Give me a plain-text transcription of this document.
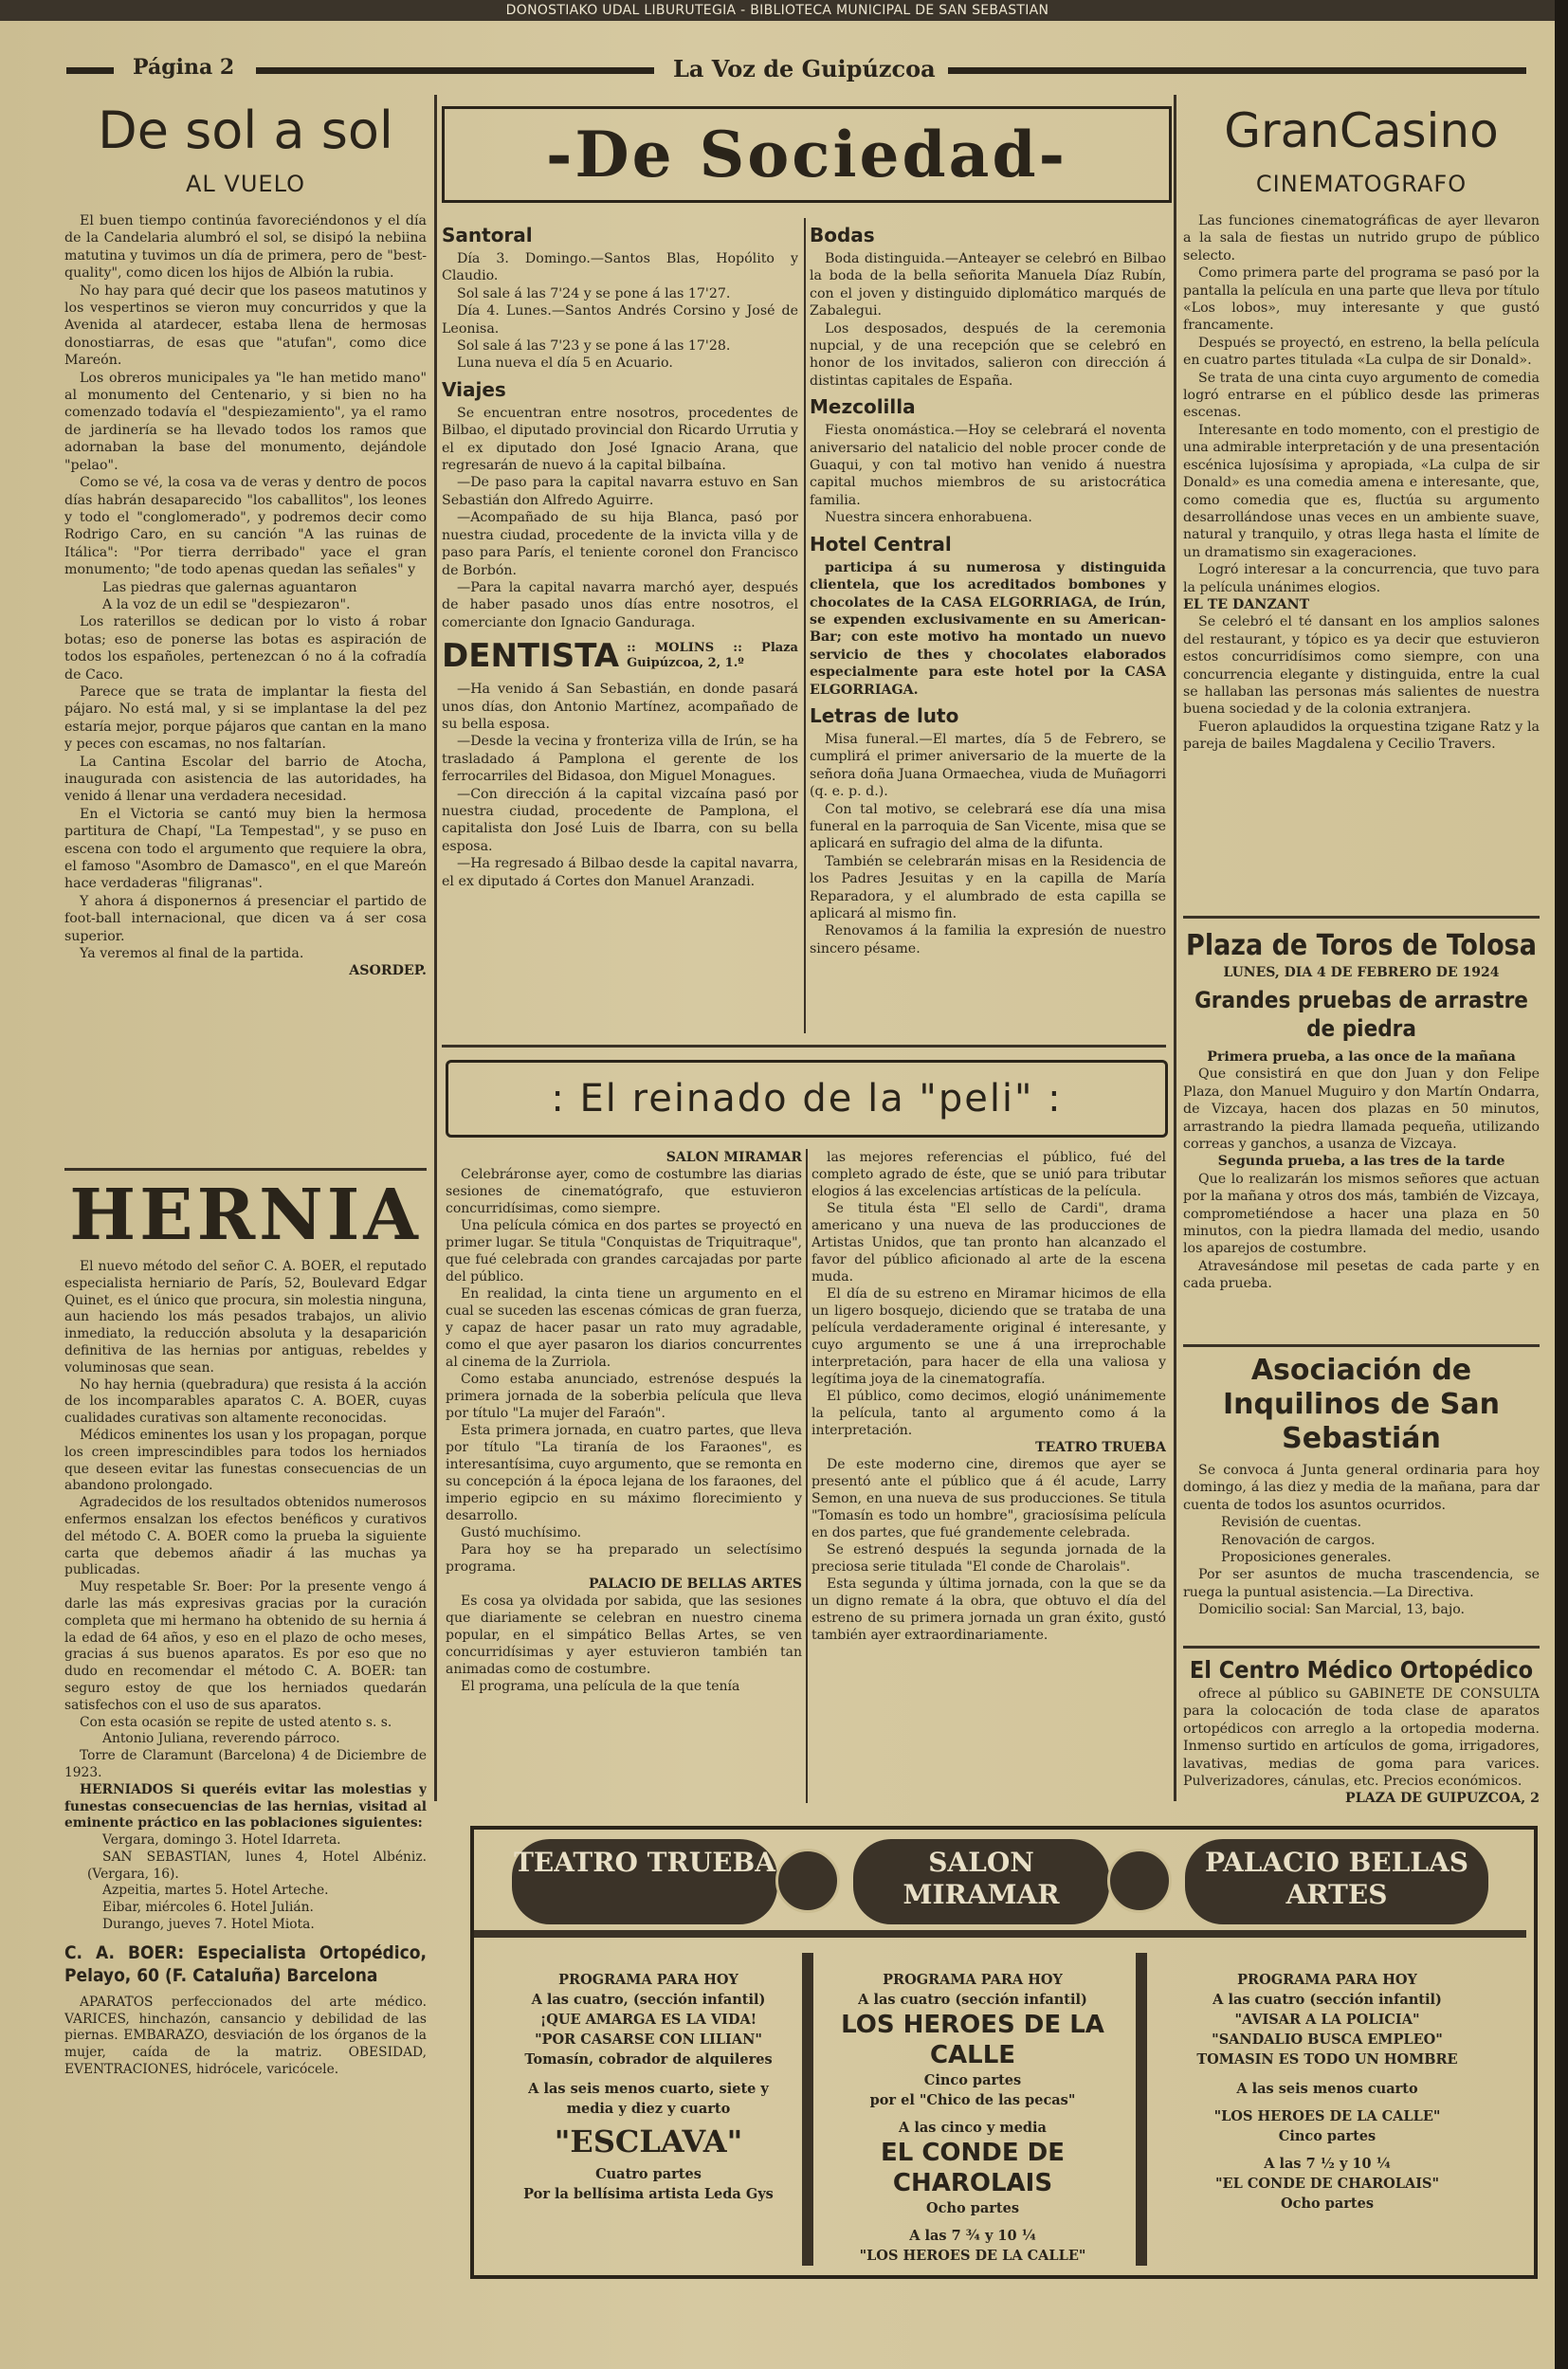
DONOSTIAKO UDAL LIBURUTEGIA - BIBLIOTECA MUNICIPAL DE SAN SEBASTIAN
Página 2	La Voz de Guipúzcoa
De sol a sol
AL VUELO

El buen tiempo continúa favoreciéndonos y el día de la Candelaria alumbró el sol, se disipó la nebiina matutina y tuvimos un día de primera, pero de "best-quality", como dicen los hijos de Albión la rubia.

No hay para qué decir que los paseos matutinos y los vespertinos se vieron muy concurridos y que la Avenida al atardecer, estaba llena de hermosas donostiarras, de esas que "atufan", como dice Mareón.

Los obreros municipales ya "le han metido mano" al monumento del Centenario, y si bien no ha comenzado todavía el "despiezamiento", ya el ramo de jardinería se ha llevado todos los ramos que adornaban la base del monumento, dejándole "pelao".

Como se vé, la cosa va de veras y dentro de pocos días habrán desaparecido "los caballitos", los leones y todo el "conglomerado", y podremos decir como Rodrigo Caro, en su canción "A las ruinas de Itálica": "Por tierra derribado" yace el gran monumento; "de todo apenas quedan las señales" y

Las piedras que galernas aguantaron

A la voz de un edil se "despiezaron".

Los raterillos se dedican por lo visto á robar botas; eso de ponerse las botas es aspiración de todos los españoles, pertenezcan ó no á la cofradía de Caco.

Parece que se trata de implantar la fiesta del pájaro. No está mal, y si se implantase la del pez estaría mejor, porque pájaros que cantan en la mano y peces con escamas, no nos faltarían.

La Cantina Escolar del barrio de Atocha, inaugurada con asistencia de las autoridades, ha venido á llenar una verdadera necesidad.

En el Victoria se cantó muy bien la hermosa partitura de Chapí, "La Tempestad", y se puso en escena con todo el argumento que requiere la obra, el famoso "Asombro de Damasco", en el que Mareón hace verdaderas "filigranas".

Y ahora á disponernos á presenciar el partido de foot-ball internacional, que dicen va á ser cosa superior.

Ya veremos al final de la partida.

ASORDEP.
HERNIA

El nuevo método del señor C. A. BOER, el reputado especialista herniario de París, 52, Boulevard Edgar Quinet, es el único que procura, sin molestia ninguna, aun haciendo los más pesados trabajos, un alivio inmediato, la reducción absoluta y la desaparición definitiva de las hernias por antiguas, rebeldes y voluminosas que sean.

No hay hernia (quebradura) que resista á la acción de los incomparables aparatos C. A. BOER, cuyas cualidades curativas son altamente reconocidas.

Médicos eminentes los usan y los propagan, porque los creen imprescindibles para todos los herniados que deseen evitar las funestas consecuencias de un abandono prolongado.

Agradecidos de los resultados obtenidos numerosos enfermos ensalzan los efectos benéficos y curativos del método C. A. BOER como la prueba la siguiente carta que debemos añadir á las muchas ya publicadas.

Muy respetable Sr. Boer: Por la presente vengo á darle las más expresivas gracias por la curación completa que mi hermano ha obtenido de su hernia á la edad de 64 años, y eso en el plazo de ocho meses, gracias á sus buenos aparatos. Es por eso que no dudo en recomendar el método C. A. BOER: tan seguro estoy de que los herniados quedarán satisfechos con el uso de sus aparatos.

Con esta ocasión se repite de usted atento s. s.

Antonio Juliana, reverendo párroco.

Torre de Claramunt (Barcelona) 4 de Diciembre de 1923.

HERNIADOS Si queréis evitar las molestias y funestas consecuencias de las hernias, visitad al eminente práctico en las poblaciones siguientes:

Vergara, domingo 3. Hotel Idarreta.

SAN SEBASTIAN, lunes 4, Hotel Albéniz. (Vergara, 16).

Azpeitia, martes 5. Hotel Arteche.

Eibar, miércoles 6. Hotel Julián.

Durango, jueves 7. Hotel Miota.

C. A. BOER: Especialista Ortopédico, Pelayo, 60 (F. Cataluña) Barcelona

APARATOS perfeccionados del arte médico. VARICES, hinchazón, cansancio y debilidad de las piernas. EMBARAZO, desviación de los órganos de la mujer, caída de la matriz. OBESIDAD, EVENTRACIONES, hidrócele, varicócele.

-De Sociedad-
Santoral

Día 3. Domingo.—Santos Blas, Hopólito y Claudio.

Sol sale á las 7'24 y se pone á las 17'27.

Día 4. Lunes.—Santos Andrés Corsino y José de Leonisa.

Sol sale á las 7'23 y se pone á las 17'28.

Luna nueva el día 5 en Acuario.

Viajes

Se encuentran entre nosotros, procedentes de Bilbao, el diputado provincial don Ricardo Urrutia y el ex diputado don José Ignacio Arana, que regresarán de nuevo á la capital bilbaína.

—De paso para la capital navarra estuvo en San Sebastián don Alfredo Aguirre.

—Acompañado de su hija Blanca, pasó por nuestra ciudad, procedente de la invicta villa y de paso para París, el teniente coronel don Francisco de Borbón.

—Para la capital navarra marchó ayer, después de haber pasado unos días entre nosotros, el comerciante don Ignacio Ganduraga.

DENTISTA :: MOLINS :: Plaza Guipúzcoa, 2, 1.º

—Ha venido á San Sebastián, en donde pasará unos días, don Antonio Martínez, acompañado de su bella esposa.

—Desde la vecina y fronteriza villa de Irún, se ha trasladado á Pamplona el gerente de los ferrocarriles del Bidasoa, don Miguel Monagues.

—Con dirección á la capital vizcaína pasó por nuestra ciudad, procedente de Pamplona, el capitalista don José Luis de Ibarra, con su bella esposa.

—Ha regresado á Bilbao desde la capital navarra, el ex diputado á Cortes don Manuel Aranzadi.

Bodas

Boda distinguida.—Anteayer se celebró en Bilbao la boda de la bella señorita Manuela Díaz Rubín, con el joven y distinguido diplomático marqués de Zabalegui.

Los desposados, después de la ceremonia nupcial, y de una recepción que se celebró en honor de los invitados, salieron con dirección á distintas capitales de España.

Mezcolilla

Fiesta onomástica.—Hoy se celebrará el noventa aniversario del natalicio del noble procer conde de Guaqui, y con tal motivo han venido á nuestra capital muchos miembros de su aristocrática familia.

Nuestra sincera enhorabuena.

Hotel Central

participa á su numerosa y distinguida clientela, que los acreditados bombones y chocolates de la CASA ELGORRIAGA, de Irún, se expenden exclusivamente en su American-Bar; con este motivo ha montado un nuevo servicio de thes y chocolates elaborados especialmente para este hotel por la CASA ELGORRIAGA.

Letras de luto

Misa funeral.—El martes, día 5 de Febrero, se cumplirá el primer aniversario de la muerte de la señora doña Juana Ormaechea, viuda de Muñagorri (q. e. p. d.).

Con tal motivo, se celebrará ese día una misa funeral en la parroquia de San Vicente, misa que se aplicará en sufragio del alma de la difunta.

También se celebrarán misas en la Residencia de los Padres Jesuitas y en la capilla de María Reparadora, y el alumbrado de esta capilla se aplicará al mismo fin.

Renovamos á la familia la expresión de nuestro sincero pésame.

: El reinado de la "peli" :
SALON MIRAMAR

Celebráronse ayer, como de costumbre las diarias sesiones de cinematógrafo, que estuvieron concurridísimas, como siempre.

Una película cómica en dos partes se proyectó en primer lugar. Se titula "Conquistas de Triquitraque", que fué celebrada con grandes carcajadas por parte del público.

En realidad, la cinta tiene un argumento en el cual se suceden las escenas cómicas de gran fuerza, y capaz de hacer pasar un rato muy agradable, como el que ayer pasaron los diarios concurrentes al cinema de la Zurriola.

Como estaba anunciado, estrenóse después la primera jornada de la soberbia película que lleva por título "La mujer del Faraón".

Esta primera jornada, en cuatro partes, que lleva por título "La tiranía de los Faraones", es interesantísima, cuyo argumento, que se remonta en su concepción á la época lejana de los faraones, del imperio egipcio en su máximo florecimiento y desarrollo.

Gustó muchísimo.

Para hoy se ha preparado un selectísimo programa.

PALACIO DE BELLAS ARTES

Es cosa ya olvidada por sabida, que las sesiones que diariamente se celebran en nuestro cinema popular, en el simpático Bellas Artes, se ven concurridísimas y ayer estuvieron también tan animadas como de costumbre.

El programa, una película de la que tenía

las mejores referencias el público, fué del completo agrado de éste, que se unió para tributar elogios á las excelencias artísticas de la película.

Se titula ésta "El sello de Cardi", drama americano y una nueva de las producciones de Artistas Unidos, que tan pronto han alcanzado el favor del público aficionado al arte de la escena muda.

El día de su estreno en Miramar hicimos de ella un ligero bosquejo, diciendo que se trataba de una película verdaderamente original é interesante, y cuyo argumento se une á una irreprochable interpretación, para hacer de ella una valiosa y legítima joya de la cinematografía.

El público, como decimos, elogió unánimemente la película, tanto al argumento como á la interpretación.

TEATRO TRUEBA

De este moderno cine, diremos que ayer se presentó ante el público que á él acude, Larry Semon, en una nueva de sus producciones. Se titula "Tomasín es todo un hombre", graciosísima película en dos partes, que fué grandemente celebrada.

Se estrenó después la segunda jornada de la preciosa serie titulada "El conde de Charolais".

Esta segunda y última jornada, con la que se da un digno remate á la obra, que obtuvo el día del estreno de su primera jornada un gran éxito, gustó también ayer extraordinariamente.

GranCasino
CINEMATOGRAFO

Las funciones cinematográficas de ayer llevaron a la sala de fiestas un nutrido grupo de público selecto.

Como primera parte del programa se pasó por la pantalla la película en una parte que lleva por título «Los lobos», muy interesante y que gustó francamente.

Después se proyectó, en estreno, la bella película en cuatro partes titulada «La culpa de sir Donald».

Se trata de una cinta cuyo argumento de comedia logró entrarse en el público desde las primeras escenas.

Interesante en todo momento, con el prestigio de una admirable interpretación y de una presentación escénica lujosísima y apropiada, «La culpa de sir Donald» es una comedia amena e interesante, que, como comedia que es, fluctúa su argumento desarrollándose unas veces en un ambiente suave, natural y tranquilo, y otras llega hasta el límite de un dramatismo sin exageraciones.

Logró interesar a la concurrencia, que tuvo para la película unánimes elogios.

EL TE DANZANT

Se celebró el té dansant en los amplios salones del restaurant, y tópico es ya decir que estuvieron estos concurridísimos como siempre, con una concurrencia elegante y distinguida, entre la cual se hallaban las personas más salientes de nuestra buena sociedad y de la colonia extranjera.

Fueron aplaudidos la orquestina tzigane Ratz y la pareja de bailes Magdalena y Cecilio Travers.

Plaza de Toros de Tolosa
LUNES, DIA 4 DE FEBRERO DE 1924
Grandes pruebas de arrastre de piedra
Primera prueba, a las once de la mañana

Que consistirá en que don Juan y don Felipe Plaza, don Manuel Muguiro y don Martín Ondarra, de Vizcaya, hacen dos plazas en 50 minutos, arrastrando la piedra llamada pequeña, utilizando correas y ganchos, a usanza de Vizcaya.

Segunda prueba, a las tres de la tarde

Que lo realizarán los mismos señores que actuan por la mañana y otros dos más, también de Vizcaya, comprometiéndose a hacer una plaza en 50 minutos, con la piedra llamada del medio, usando los aparejos de costumbre.

Atravesándose mil pesetas de cada parte y en cada prueba.

Asociación de Inquilinos de San Sebastián

Se convoca á Junta general ordinaria para hoy domingo, á las diez y media de la mañana, para dar cuenta de todos los asuntos ocurridos.

Revisión de cuentas.

Renovación de cargos.

Proposiciones generales.

Por ser asuntos de mucha trascendencia, se ruega la puntual asistencia.—La Directiva.

Domicilio social: San Marcial, 13, bajo.

El Centro Médico Ortopédico

ofrece al público su GABINETE DE CONSULTA para la colocación de toda clase de aparatos ortopédicos con arreglo a la ortopedia moderna. Inmenso surtido en artículos de goma, irrigadores, lavativas, medias de goma para varices. Pulverizadores, cánulas, etc. Precios económicos.

PLAZA DE GUIPUZCOA, 2
TEATRO TRUEBA	SALON MIRAMAR
PALACIO BELLAS ARTES
PROGRAMA PARA HOY
A las cuatro, (sección infantil)
¡QUE AMARGA ES LA VIDA!
"POR CASARSE CON LILIAN"
Tomasín, cobrador de alquileres
A las seis menos cuarto, siete y media y diez y cuarto
"ESCLAVA"
Cuatro partes
Por la bellísima artista Leda Gys
PROGRAMA PARA HOY
A las cuatro (sección infantil)
LOS HEROES DE LA CALLE
Cinco partes
por el "Chico de las pecas"
A las cinco y media
EL CONDE DE CHAROLAIS
Ocho partes
A las 7 ¾ y 10 ¼
"LOS HEROES DE LA CALLE"
PROGRAMA PARA HOY
A las cuatro (sección infantil)
"AVISAR A LA POLICIA"
"SANDALIO BUSCA EMPLEO"
TOMASIN ES TODO UN HOMBRE
A las seis menos cuarto
"LOS HEROES DE LA CALLE"
Cinco partes
A las 7 ½ y 10 ¼
"EL CONDE DE CHAROLAIS"
Ocho partes
